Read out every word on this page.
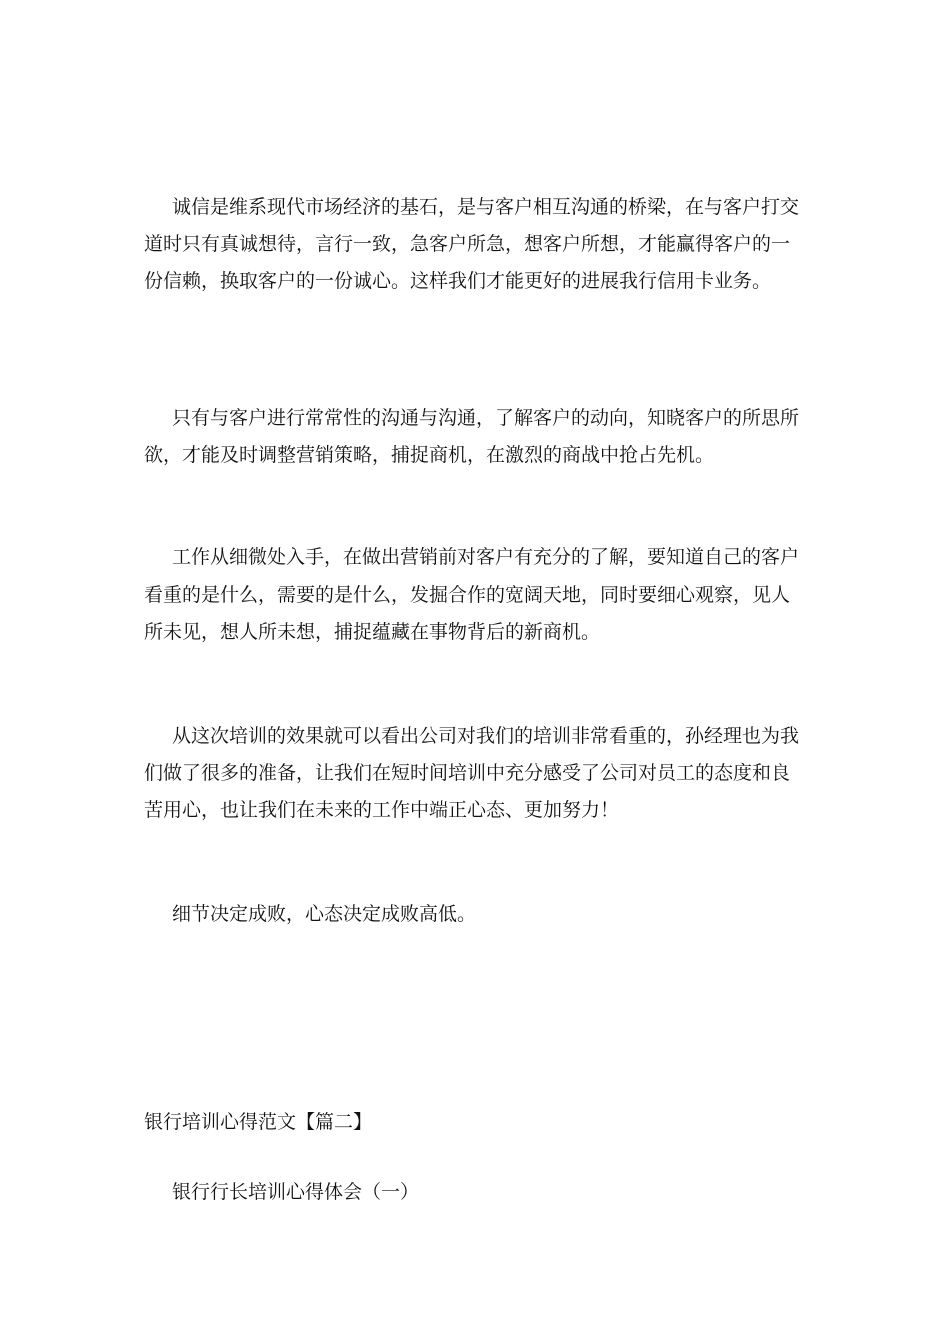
诚信是维系现代市场经济的基石，是与客户相互沟通的桥梁，在与客户打交

道时只有真诚想待，言行一致，急客户所急，想客户所想，才能赢得客户的一

份信赖，换取客户的一份诚心。这样我们才能更好的进展我行信用卡业务。

只有与客户进行常常性的沟通与沟通，了解客户的动向，知晓客户的所思所

欲，才能及时调整营销策略，捕捉商机，在激烈的商战中抢占先机。

工作从细微处入手，在做出营销前对客户有充分的了解，要知道自己的客户

看重的是什么，需要的是什么，发掘合作的宽阔天地，同时要细心观察，见人

所未见，想人所未想，捕捉蕴藏在事物背后的新商机。

从这次培训的效果就可以看出公司对我们的培训非常看重的，孙经理也为我

们做了很多的准备，让我们在短时间培训中充分感受了公司对员工的态度和良

苦用心，也让我们在未来的工作中端正心态、更加努力！

细节决定成败，心态决定成败高低。

银行培训心得范文【篇二】

银行行长培训心得体会（一）
